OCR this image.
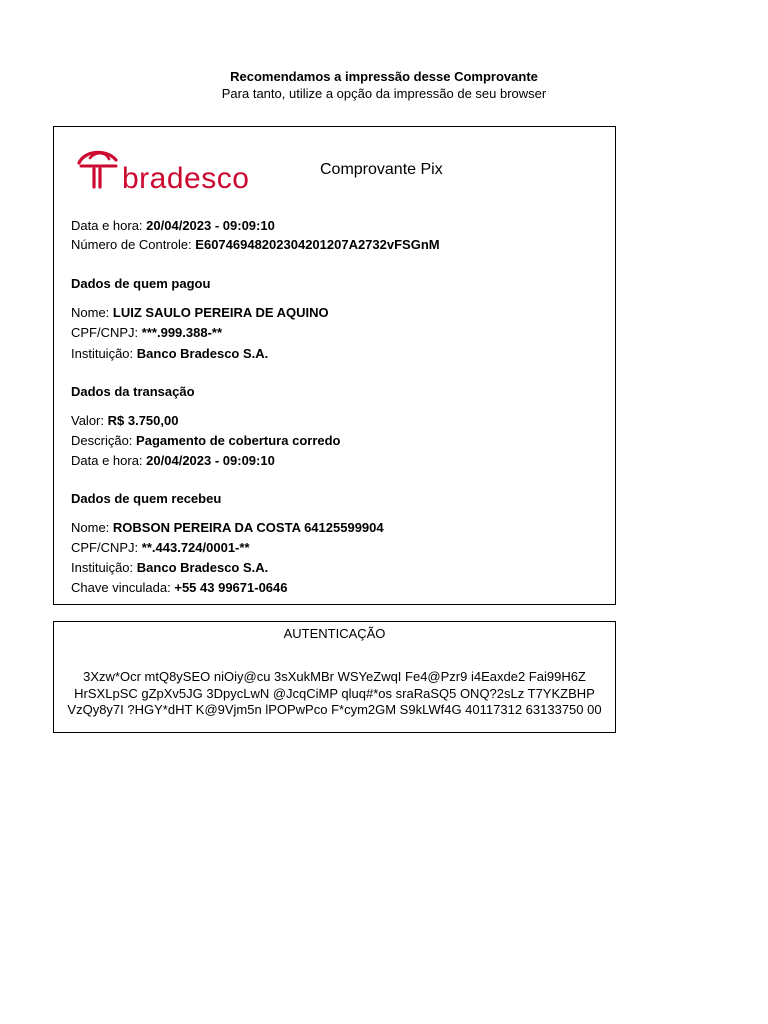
Recomendamos a impressão desse Comprovante
Para tanto, utilize a opção da impressão de seu browser
bradesco	Comprovante Pix
Data e hora: 20/04/2023 - 09:09:10
Número de Controle: E60746948202304201207A2732vFSGnM
Dados de quem pagou
Nome: LUIZ SAULO PEREIRA DE AQUINO
CPF/CNPJ: ***.999.388-**
Instituição: Banco Bradesco S.A.
Dados da transação
Valor: R$ 3.750,00
Descrição: Pagamento de cobertura corredo
Data e hora: 20/04/2023 - 09:09:10
Dados de quem recebeu
Nome: ROBSON PEREIRA DA COSTA 64125599904
CPF/CNPJ: **.443.724/0001-**
Instituição: Banco Bradesco S.A.
Chave vinculada: +55 43 99671-0646
AUTENTICAÇÃO
3Xzw*Ocr mtQ8ySEO niOiy@cu 3sXukMBr WSYeZwqI Fe4@Pzr9 i4Eaxde2 Fai99H6Z
HrSXLpSC gZpXv5JG 3DpycLwN @JcqCiMP qluq#*os sraRaSQ5 ONQ?2sLz T7YKZBHP
VzQy8y7I ?HGY*dHT K@9Vjm5n lPOPwPco F*cym2GM S9kLWf4G 40117312 63133750 00
